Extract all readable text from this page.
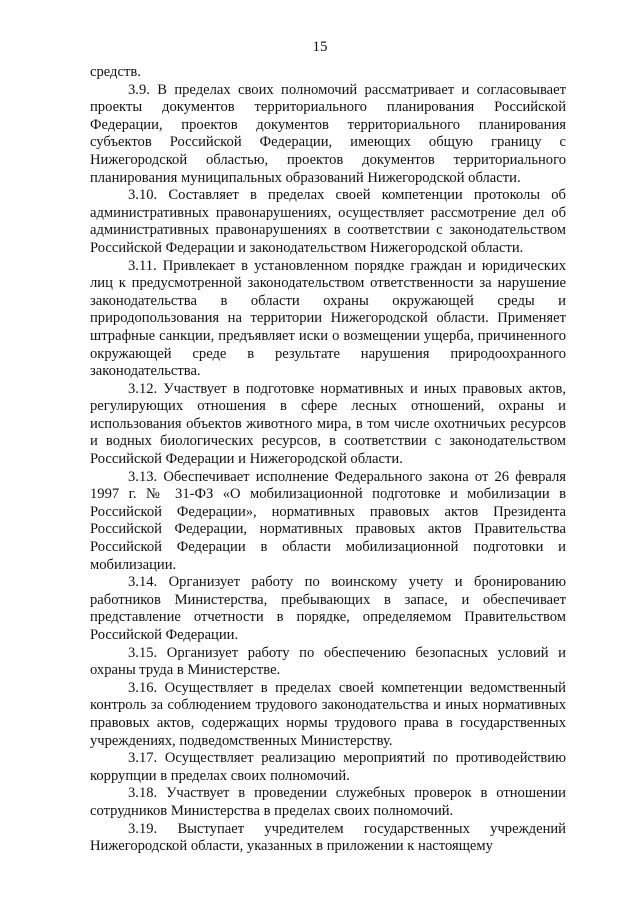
15

средств.

3.9. В пределах своих полномочий рассматривает и согласовывает проекты документов территориального планирования Российской Федерации, проектов документов территориального планирования субъектов Российской Федерации, имеющих общую границу с Нижегородской областью, проектов документов территориального планирования муниципальных образований Нижегородской области.

3.10. Составляет в пределах своей компетенции протоколы об административных правонарушениях, осуществляет рассмотрение дел об административных правонарушениях в соответствии с законодательством Российской Федерации и законодательством Нижегородской области.

3.11. Привлекает в установленном порядке граждан и юридических лиц к предусмотренной законодательством ответственности за нарушение законодательства в области охраны окружающей среды и природопользования на территории Нижегородской области. Применяет штрафные санкции, предъявляет иски о возмещении ущерба, причиненного окружающей среде в результате нарушения природоохранного законодательства.

3.12. Участвует в подготовке нормативных и иных правовых актов, регулирующих отношения в сфере лесных отношений, охраны и использования объектов животного мира, в том числе охотничьих ресурсов и водных биологических ресурсов, в соответствии с законодательством Российской Федерации и Нижегородской области.

3.13. Обеспечивает исполнение Федерального закона от 26 февраля 1997 г. № 31-ФЗ «О мобилизационной подготовке и мобилизации в Российской Федерации», нормативных правовых актов Президента Российской Федерации, нормативных правовых актов Правительства Российской Федерации в области мобилизационной подготовки и мобилизации.

3.14. Организует работу по воинскому учету и бронированию работников Министерства, пребывающих в запасе, и обеспечивает представление отчетности в порядке, определяемом Правительством Российской Федерации.

3.15. Организует работу по обеспечению безопасных условий и охраны труда в Министерстве.

3.16. Осуществляет в пределах своей компетенции ведомственный контроль за соблюдением трудового законодательства и иных нормативных правовых актов, содержащих нормы трудового права в государственных учреждениях, подведомственных Министерству.

3.17. Осуществляет реализацию мероприятий по противодействию коррупции в пределах своих полномочий.

3.18. Участвует в проведении служебных проверок в отношении сотрудников Министерства в пределах своих полномочий.

3.19. Выступает учредителем государственных учреждений Нижегородской области, указанных в приложении к настоящему
